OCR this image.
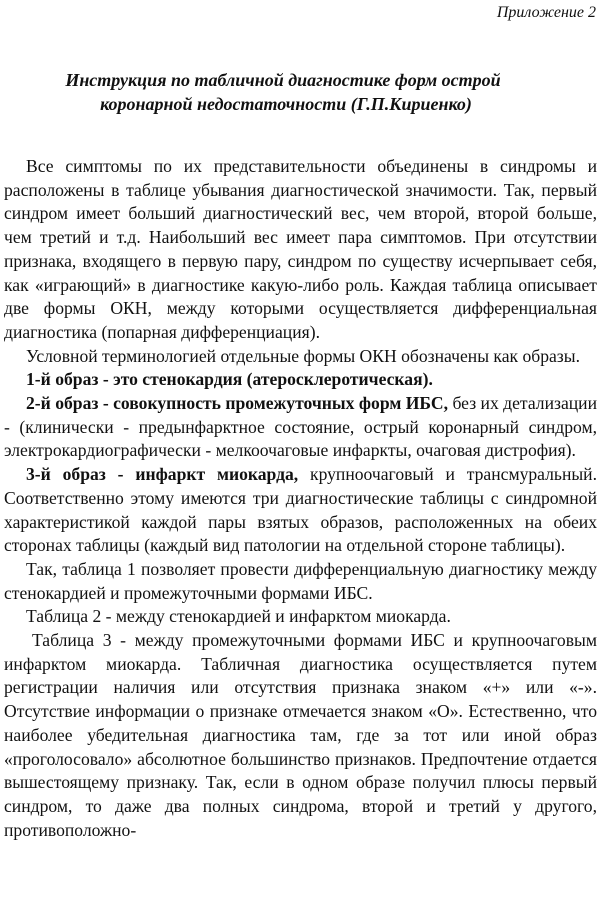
Приложение 2
Инструкция по табличной диагностике форм острой
коронарной недостаточности (Г.П.Кириенко)

Все симптомы по их представительности объединены в синдромы и расположены в таблице убывания диагностической значимости. Так, первый синдром имеет больший диагностический вес, чем второй, второй больше, чем третий и т.д. Наибольший вес имеет пара симптомов. При отсутствии признака, входящего в первую пару, синдром по существу исчерпывает себя, как «играющий» в диагностике какую-либо роль. Каждая таблица описывает две формы ОКН, между которыми осуществляется дифференциальная диагностика (попарная дифференциация).

Условной терминологией отдельные формы ОКН обозначены как образы.

1-й образ - это стенокардия (атеросклеротическая).

2-й образ - совокупность промежуточных форм ИБС, без их детализации - (клинически - предынфарктное состояние, острый коронарный синдром, электрокардиографически - мелкоочаговые инфаркты, очаговая дистрофия).

3-й образ - инфаркт миокарда, крупноочаговый и трансмуральный. Соответственно этому имеются три диагностические таблицы с синдромной характеристикой каждой пары взятых образов, расположенных на обеих сторонах таблицы (каждый вид патологии на отдельной стороне таблицы).

Так, таблица 1 позволяет провести дифференциальную диагностику между стенокардией и промежуточными формами ИБС.

Таблица 2 - между стенокардией и инфарктом миокарда.

Таблица 3 - между промежуточными формами ИБС и крупноочаговым инфарктом миокарда. Табличная диагностика осуществляется путем регистрации наличия или отсутствия признака знаком «+» или «-». Отсутствие информации о признаке отмечается знаком «О». Естественно, что наиболее убедительная диагностика там, где за тот или иной образ «проголосовало» абсолютное большинство признаков. Предпочтение отдается вышестоящему признаку. Так, если в одном образе получил плюсы первый синдром, то даже два полных синдрома, второй и третий у другого, противоположно-
